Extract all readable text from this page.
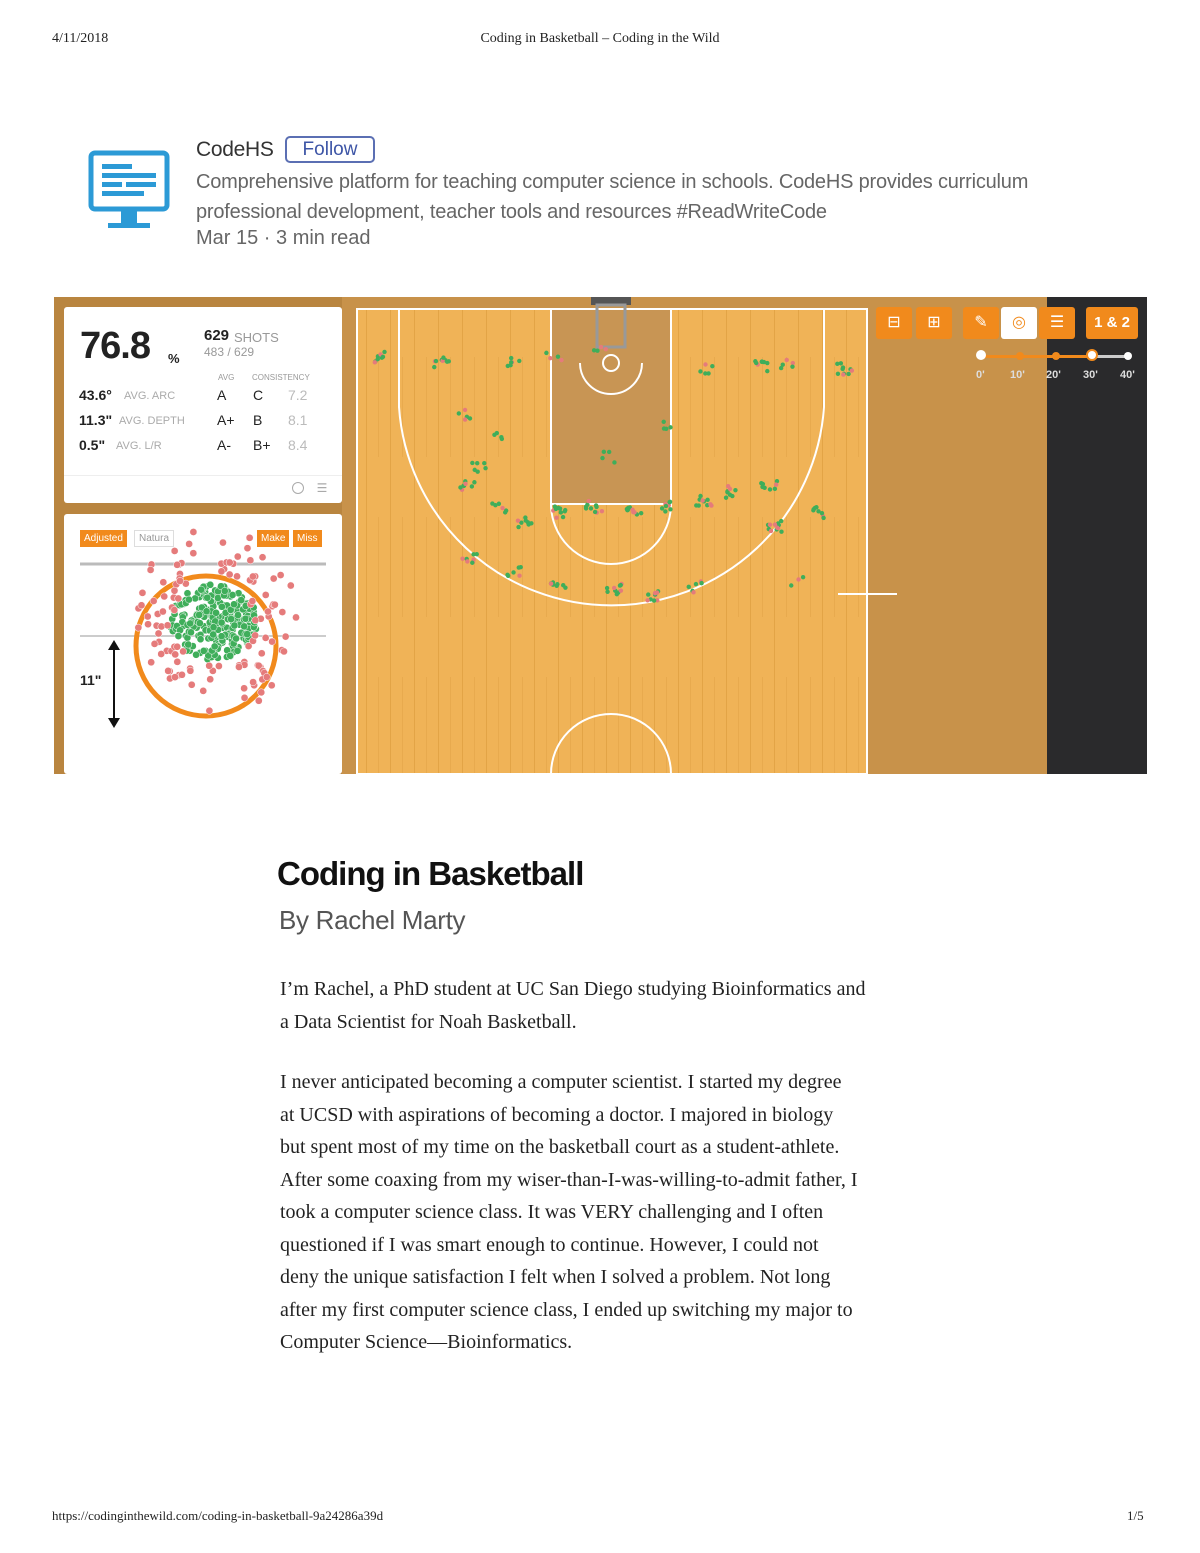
4/11/2018	Coding in Basketball – Coding in the Wild
CodeHS	Follow
Comprehensive platform for teaching computer science in schools. CodeHS provides curriculum
professional development, teacher tools and resources #ReadWriteCode
Mar 15 · 3 min read
⊟	⊞	✎	◎	☰	1 & 2
0' 10' 20' 30' 40'
76.8 %
629 SHOTS
483 / 629
AVG CONSISTENCY
43.6° AVG. ARC	A C 7.2
11.3" AVG. DEPTH A+ B 8.1
0.5" AVG. L/R	A- B+ 8.4
☰
Adjusted	Natura	Make	Miss
11"
Coding in Basketball
By Rachel Marty
I’m Rachel, a PhD student at UC San Diego studying Bioinformatics and
a Data Scientist for Noah Basketball.
I never anticipated becoming a computer scientist. I started my degree
at UCSD with aspirations of becoming a doctor. I majored in biology
but spent most of my time on the basketball court as a student-athlete.
After some coaxing from my wiser-than-I-was-willing-to-admit father, I
took a computer science class. It was VERY challenging and I often
questioned if I was smart enough to continue. However, I could not
deny the unique satisfaction I felt when I solved a problem. Not long
after my first computer science class, I ended up switching my major to
Computer Science—Bioinformatics.
https://codinginthewild.com/coding-in-basketball-9a24286a39d	1/5
